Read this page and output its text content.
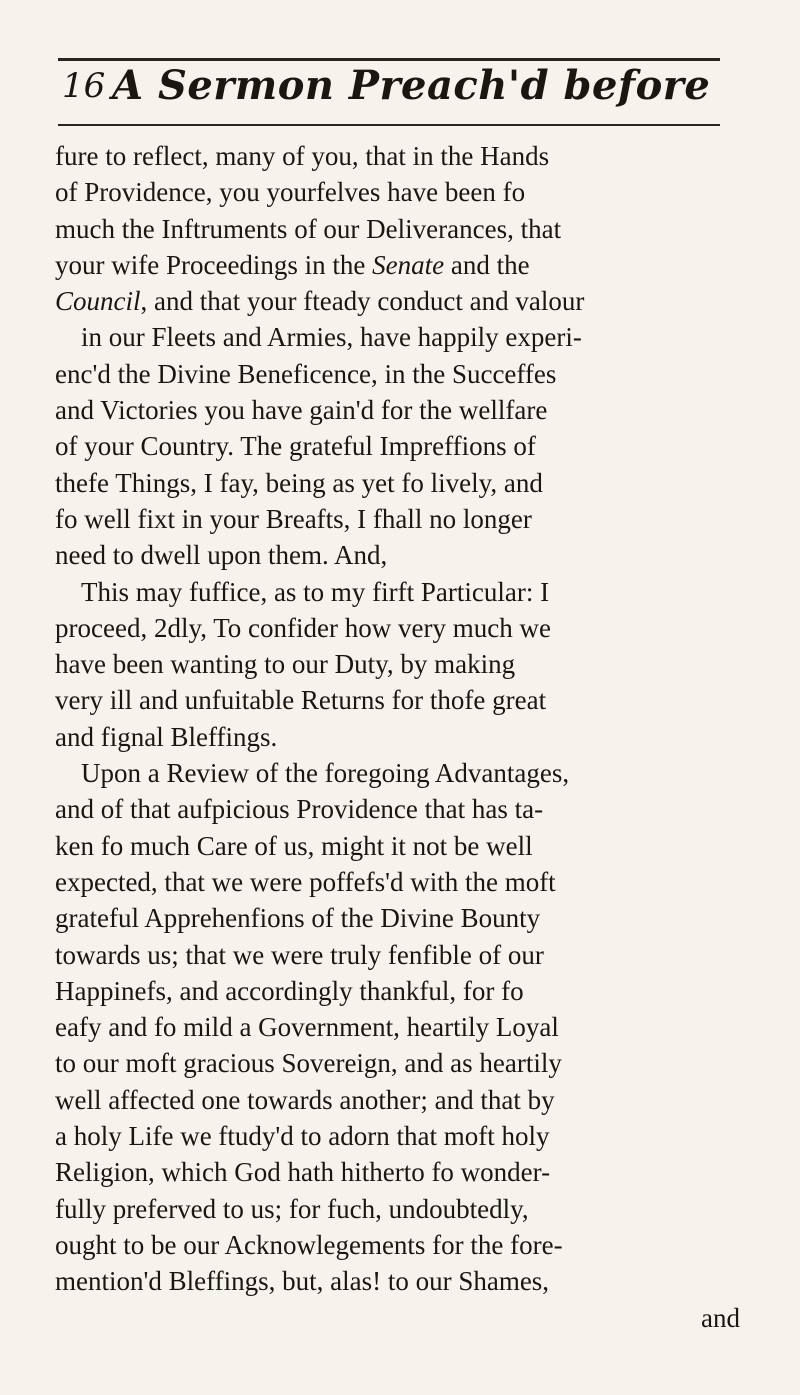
16 A Sermon Preach'd before
fure to reflect, many of you, that in the Hands
of Providence, you yourfelves have been fo
much the Inftruments of our Deliverances, that
your wife Proceedings in the Senate and the
Council, and that your fteady conduct and valour
in our Fleets and Armies, have happily experi-
enc'd the Divine Beneficence, in the Succeffes
and Victories you have gain'd for the wellfare
of your Country. The grateful Impreffions of
thefe Things, I fay, being as yet fo lively, and
fo well fixt in your Breafts, I fhall no longer
need to dwell upon them. And,
This may fuffice, as to my firft Particular: I
proceed, 2dly, To confider how very much we
have been wanting to our Duty, by making
very ill and unfuitable Returns for thofe great
and fignal Bleffings.
Upon a Review of the foregoing Advantages,
and of that aufpicious Providence that has ta-
ken fo much Care of us, might it not be well
expected, that we were poffefs'd with the moft
grateful Apprehenfions of the Divine Bounty
towards us; that we were truly fenfible of our
Happinefs, and accordingly thankful, for fo
eafy and fo mild a Government, heartily Loyal
to our moft gracious Sovereign, and as heartily
well affected one towards another; and that by
a holy Life we ftudy'd to adorn that moft holy
Religion, which God hath hitherto fo wonder-
fully preferved to us; for fuch, undoubtedly,
ought to be our Acknowlegements for the fore-
mention'd Bleffings, but, alas! to our Shames,
and
